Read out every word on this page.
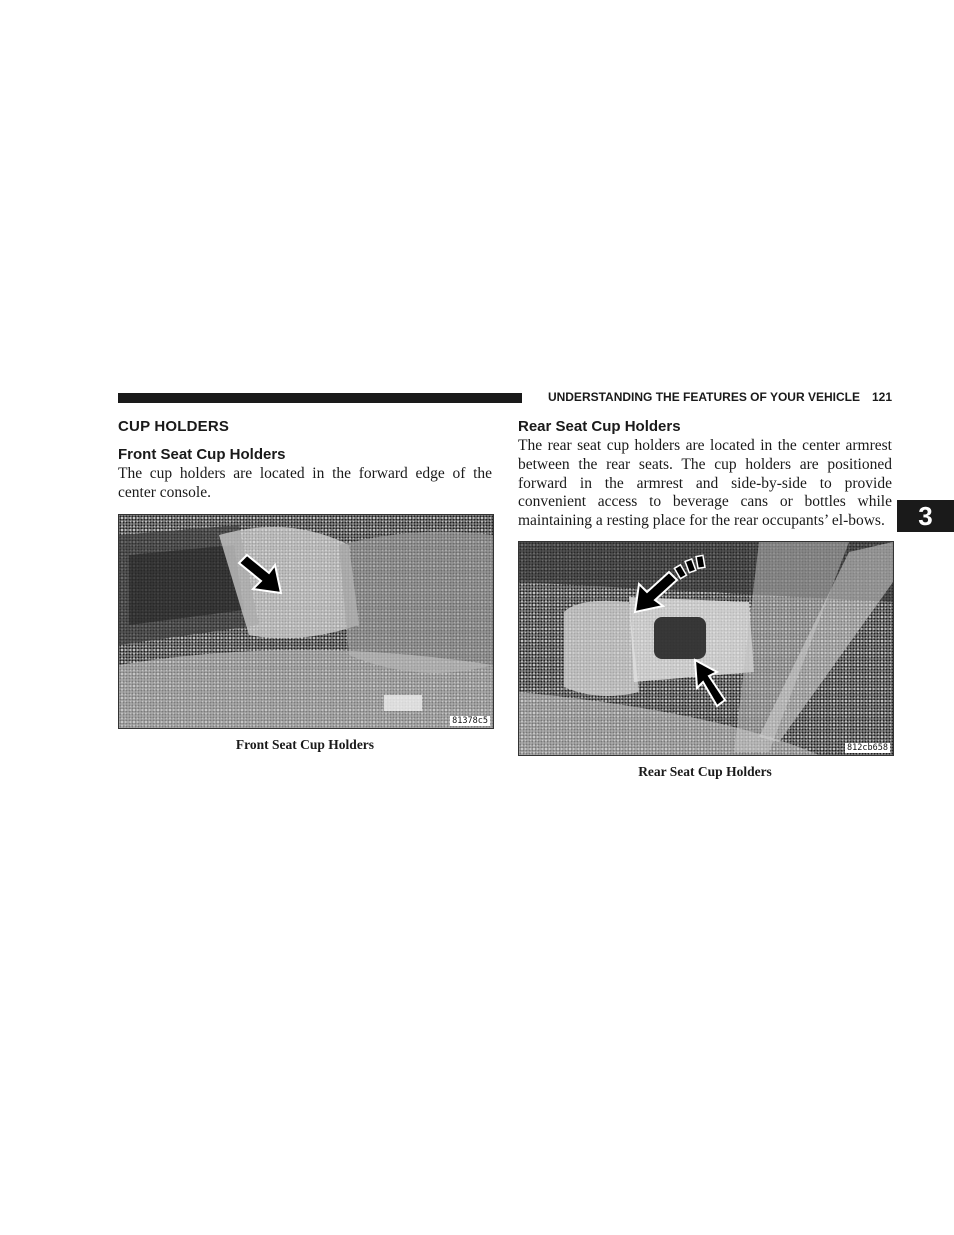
UNDERSTANDING THE FEATURES OF YOUR VEHICLE 121
3
CUP HOLDERS
Front Seat Cup Holders

The cup holders are located in the forward edge of the center console.

81378c5
Front Seat Cup Holders
Rear Seat Cup Holders

The rear seat cup holders are located in the center armrest between the rear seats. The cup holders are positioned forward in the armrest and side-by-side to provide convenient access to beverage cans or bottles while maintaining a resting place for the rear occupants’ el-bows.

812cb658
Rear Seat Cup Holders
